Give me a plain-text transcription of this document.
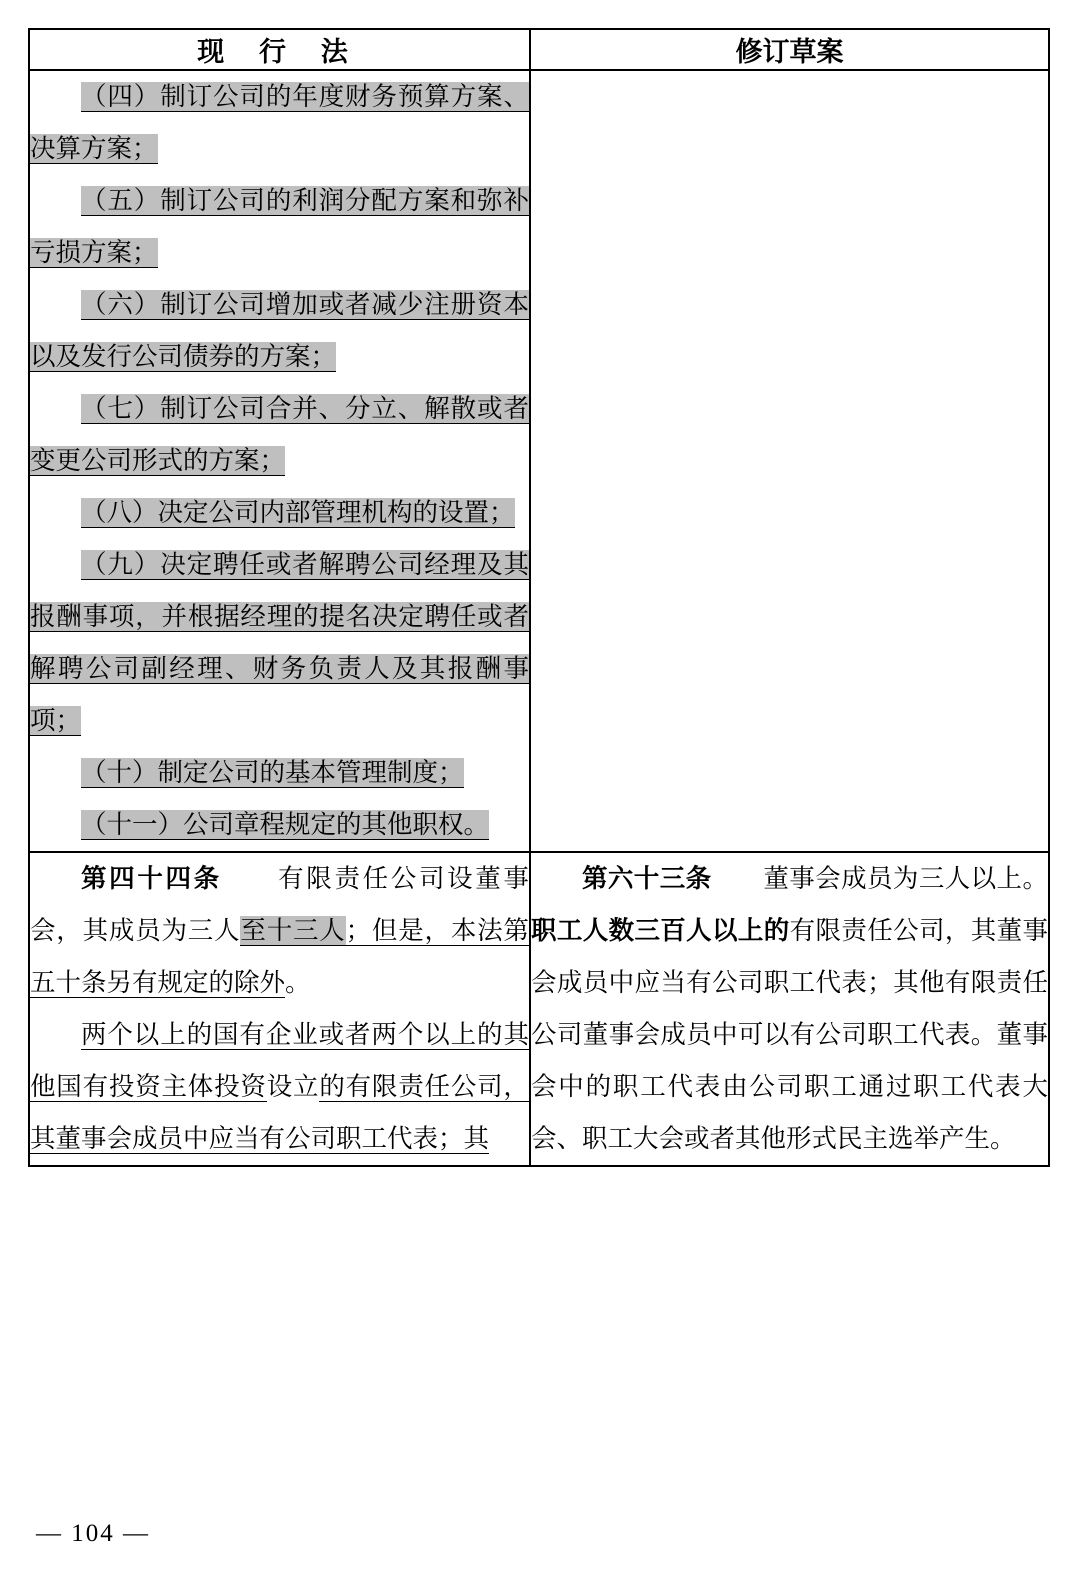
现 行 法	修订草案

（四）制订公司的年度财务预算方案、决算方案；

（五）制订公司的利润分配方案和弥补亏损方案；

（六）制订公司增加或者减少注册资本以及发行公司债券的方案；

（七）制订公司合并、分立、解散或者变更公司形式的方案；

（八）决定公司内部管理机构的设置；

（九）决定聘任或者解聘公司经理及其报酬事项，并根据经理的提名决定聘任或者解聘公司副经理、财务负责人及其报酬事项；

（十）制定公司的基本管理制度；

（十一）公司章程规定的其他职权。

第四十四条　　 有限责任公司设董事会，其成员为三人至十三人；但是，本法第五十条另有规定的除外。

两个以上的国有企业或者两个以上的其他国有投资主体投资设立的有限责任公司，其董事会成员中应当有公司职工代表；其	第六十三条　　 董事会成员为三人以上。职工人数三百人以上的有限责任公司，其董事会成员中应当有公司职工代表；其他有限责任公司董事会成员中可以有公司职工代表。董事会中的职工代表由公司职工通过职工代表大会、职工大会或者其他形式民主选举产生。

— 104 —
